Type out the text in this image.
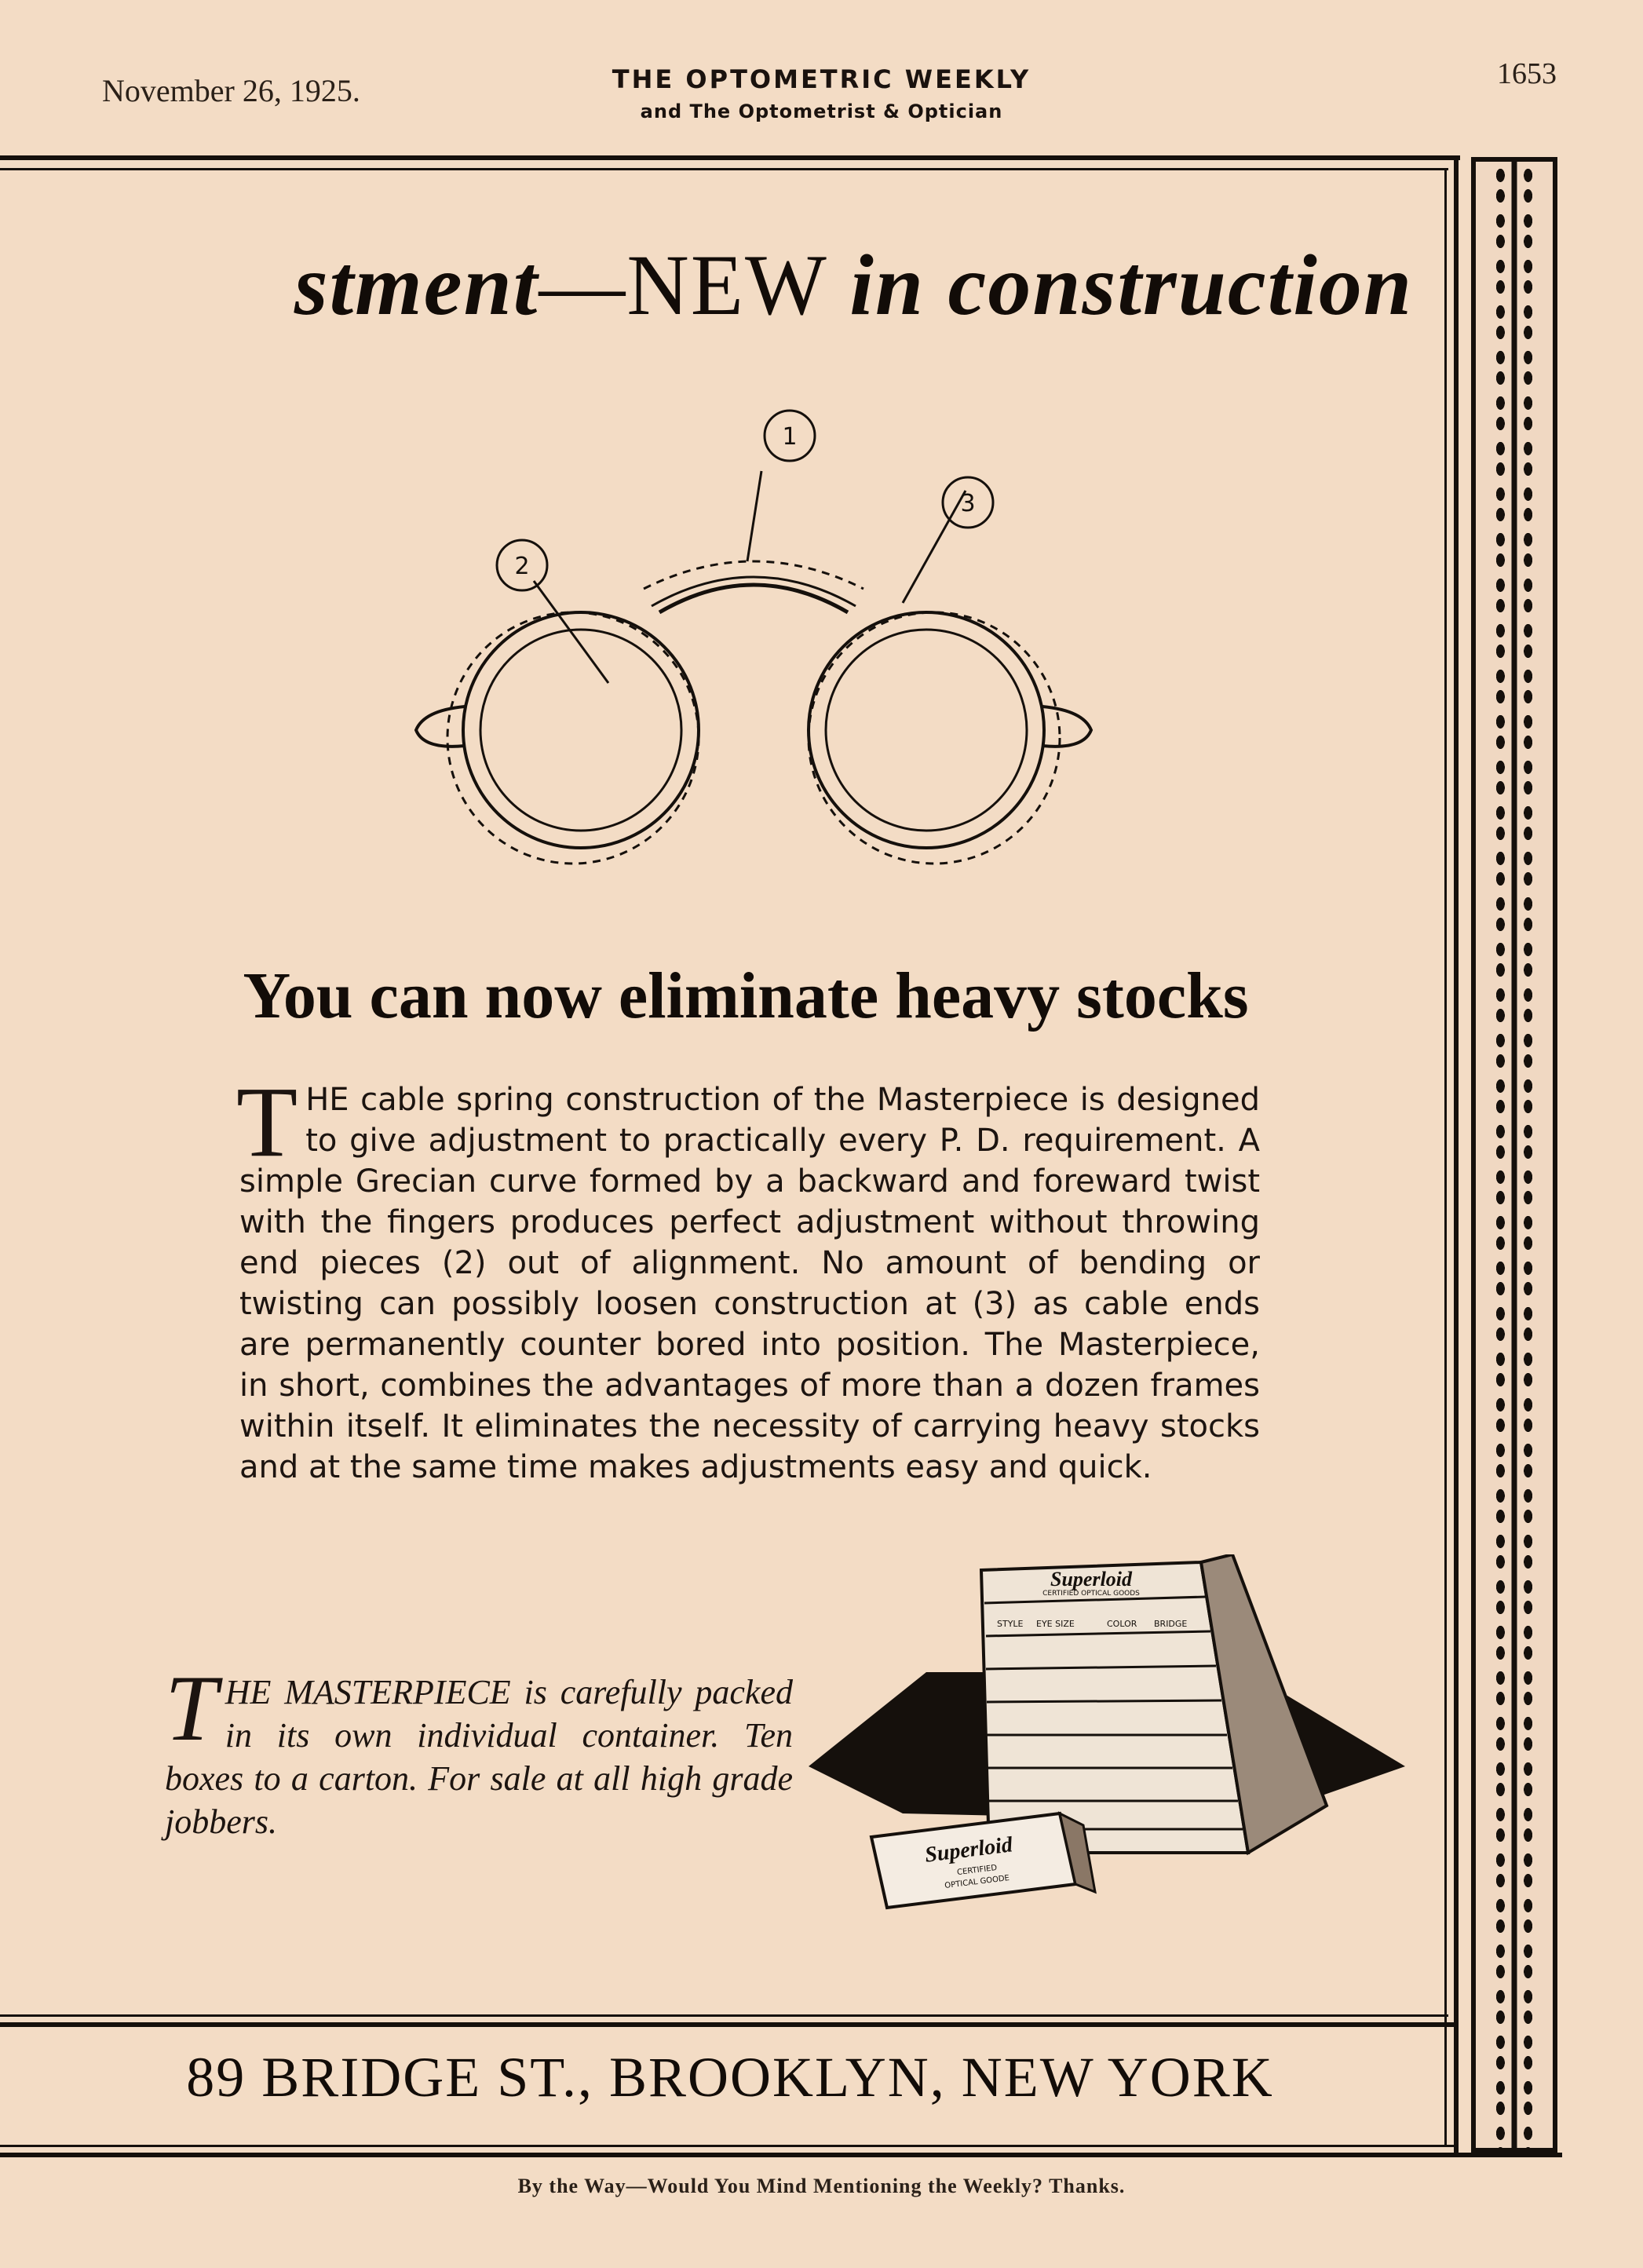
November 26, 1925.	THE OPTOMETRIC WEEKLY
and The Optometrist & Optician
1653
stment—NEW in construction
1
2
3
You can now eliminate heavy stocks
THE cable spring construction of the Masterpiece is designed to give adjustment to practically every P. D. requirement. A simple Grecian curve formed by a backward and foreward twist with the fingers produces perfect adjustment without throwing end pieces (2) out of alignment. No amount of bending or twisting can possibly loosen construction at (3) as cable ends are permanently counter bored into position. The Masterpiece, in short, combines the advantages of more than a dozen frames within itself. It eliminates the necessity of carrying heavy stocks and at the same time makes adjustments easy and quick.
THE MASTERPIECE is carefully packed in its own individual container. Ten boxes to a carton. For sale at all high grade jobbers.
STYLE EYE SIZE	COLOR BRIDGE
Superloid
CERTIFIED OPTICAL GOODS
Superloid
CERTIFIED
OPTICAL GOODE
89 BRIDGE ST., BROOKLYN, NEW YORK
By the Way—Would You Mind Mentioning the Weekly? Thanks.
